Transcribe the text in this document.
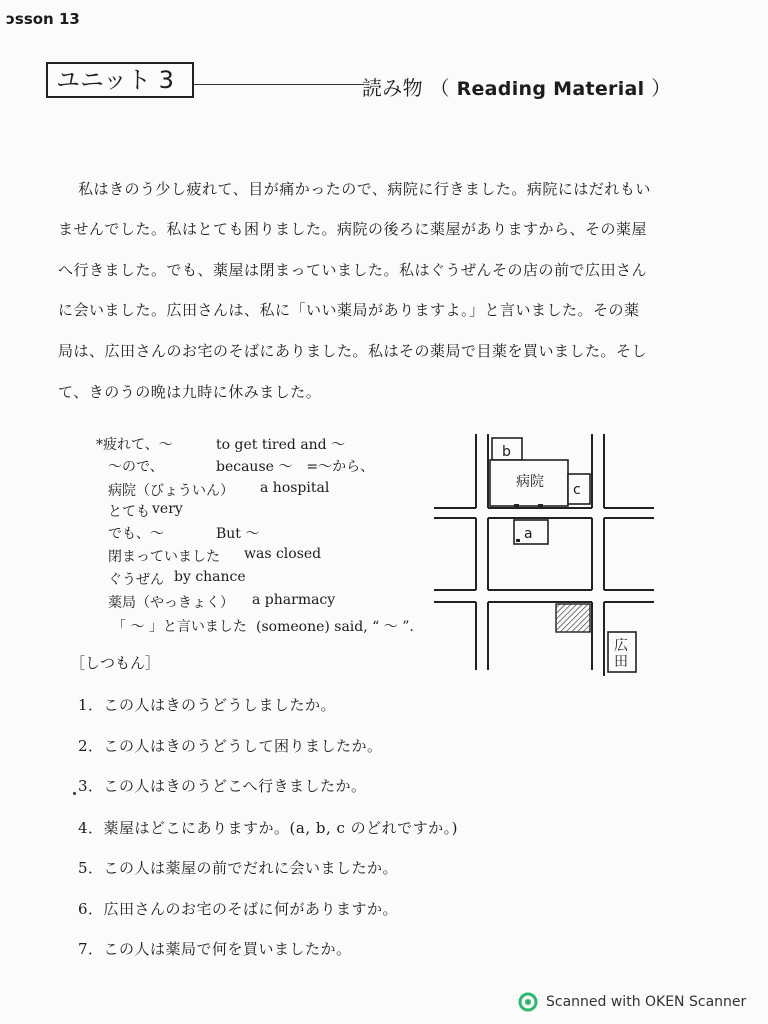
ɔsson 13
ユニット 3	読み物 （ Reading Material ）
私はきのう少し疲れて、目が痛かったので、病院に行きました。病院にはだれもい
ませんでした。私はとても困りました。病院の後ろに薬屋がありますから、その薬屋
へ行きました。でも、薬屋は閉まっていました。私はぐうぜんその店の前で広田さん
に会いました。広田さんは、私に「いい薬局がありますよ。」と言いました。その薬
局は、広田さんのお宅のそばにありました。私はその薬局で目薬を買いました。そし
て、きのうの晩は九時に休みました。
*疲れて、～	to get tired and ～
～ので、	because ～　=～から、
病院（びょういん） a hospital
とても very
でも、～	But ～
閉まっていました was closed
ぐうぜん by chance
薬局（やっきょく） a pharmacy
「 ～ 」と言いました (someone) said, “ ～ ”.
b
病院 c
a
広
田
［しつもん］
1．この人はきのうどうしましたか。
2．この人はきのうどうして困りましたか。
3．この人はきのうどこへ行きましたか。
4．薬屋はどこにありますか。(a, b, c のどれですか。)
5．この人は薬屋の前でだれに会いましたか。
6．広田さんのお宅のそばに何がありますか。
7．この人は薬局で何を買いましたか。
Scanned with OKEN Scanner
